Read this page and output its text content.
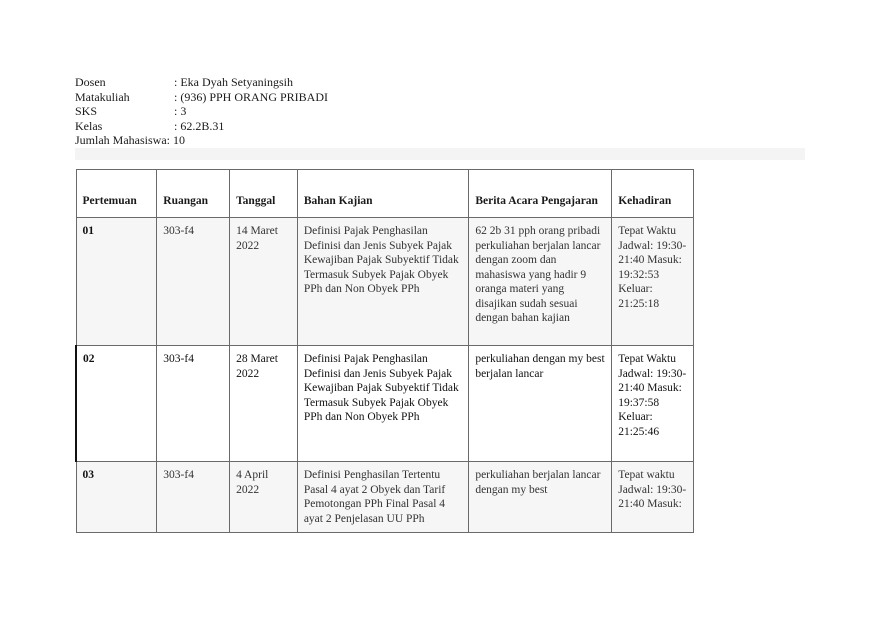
Dosen	: Eka Dyah Setyaningsih
Matakuliah	: (936) PPH ORANG PRIBADI
SKS	: 3
Kelas	: 62.2B.31
Jumlah Mahasiswa : 10
Pertemuan	Ruangan	Tanggal	Bahan Kajian	Berita Acara Pengajaran	Kehadiran
01	303-f4	14 Maret 2022	Definisi Pajak Penghasilan Definisi dan Jenis Subyek Pajak Kewajiban Pajak Subyektif Tidak Termasuk Subyek Pajak Obyek PPh dan Non Obyek PPh	62 2b 31 pph orang pribadi perkuliahan berjalan lancar dengan zoom dan mahasiswa yang hadir 9 oranga materi yang disajikan sudah sesuai dengan bahan kajian	Tepat Waktu Jadwal: 19:30-21:40 Masuk: 19:32:53 Keluar: 21:25:18
02	303-f4	28 Maret 2022	Definisi Pajak Penghasilan Definisi dan Jenis Subyek Pajak Kewajiban Pajak Subyektif Tidak Termasuk Subyek Pajak Obyek PPh dan Non Obyek PPh	perkuliahan dengan my best berjalan lancar	Tepat Waktu Jadwal: 19:30-21:40 Masuk: 19:37:58 Keluar: 21:25:46
03	303-f4	4 April 2022	Definisi Penghasilan Tertentu Pasal 4 ayat 2 Obyek dan Tarif Pemotongan PPh Final Pasal 4 ayat 2 Penjelasan UU PPh	perkuliahan berjalan lancar dengan my best	Tepat waktu Jadwal: 19:30-21:40 Masuk:
